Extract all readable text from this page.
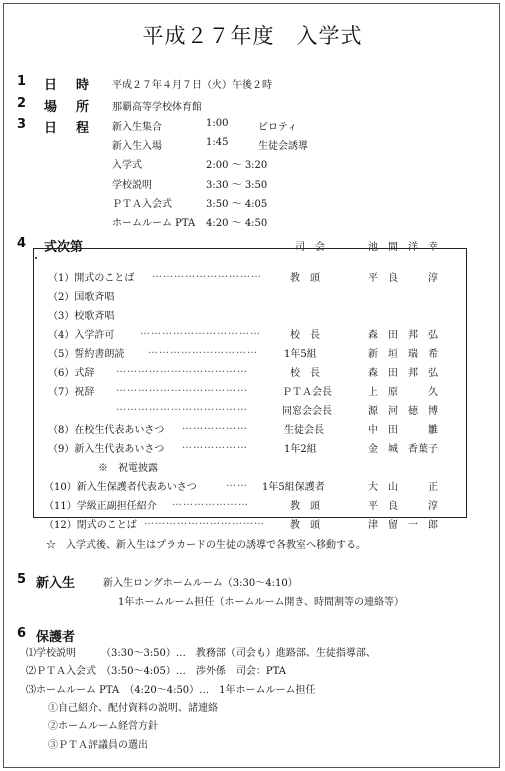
平成２７年度　入学式
1 日　時 平成２７年４月７日（火）午後２時
2 場　所 那覇高等学校体育館
3 日　程 新入生集合	1:00	ピロティ
新入生入場	1:45	生徒会誘導
入学式	2:00 ～ 3:20
学校説明	3:30 ～ 3:50
ＰＴＡ入会式	3:50 ～ 4:05
ホームルーム PTA 4:20 ～ 4:50
4 式次第	司　会	池　間　洋　幸
（1）開式のことば …………………………	教　頭	平　良　　　淳
（2）国歌斉唱
（3）校歌斉唱
（4）入学許可	……………………………	校　長	森　田　邦　弘
（5）誓約書朗読 …………………………	1年5組	新　垣　瑞　希
（6）式辞 ………………………………	校　長	森　田　邦　弘
（7）祝辞 ………………………………	ＰＴＡ会長	上　原　　　久
………………………………	同窓会会長	源　河　徳　博
（8）在校生代表あいさつ ………………	生徒会長	中　田　　　雛
（9）新入生代表あいさつ ………………	1年2組	金　城　香葉子
※　祝電披露
（10）新入生保護者代表あいさつ	…… 1年5組保護者	大　山　　　正
（11）学級正副担任紹介 …………………	教　頭	平　良　　　淳
（12）閉式のことば ……………………………	教　頭	津　留　一　郎
☆　入学式後、新入生はプラカードの生徒の誘導で各教室へ移動する。
5 新入生	新入生ロングホームルーム（3:30～4:10）
1年ホームルーム担任（ホームルーム開き、時間割等の連絡等）
6 保護者
⑴学校説明　　　（3:30～3:50）…　教務部（司会も）進路部、生徒指導部、
⑵ＰＴＡ入会式　（3:50～4:05）…　渉外係　司会：PTA
⑶ホームルーム PTA　（4:20～4:50）…　1年ホームルーム担任
①自己紹介、配付資料の説明、諸連絡
②ホームルーム経営方針
③ＰＴＡ評議員の選出
